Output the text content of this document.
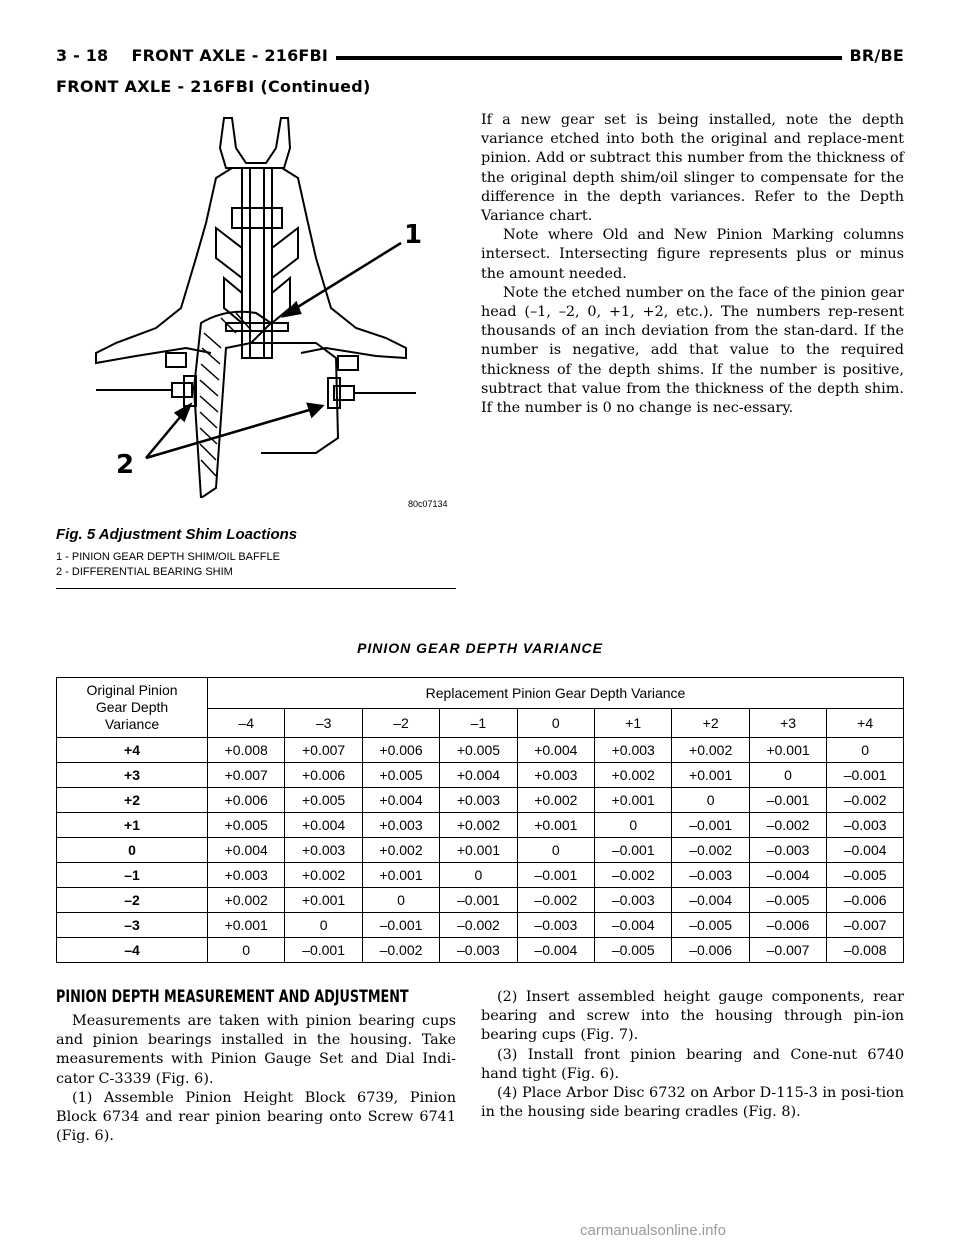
3 - 18    FRONT AXLE - 216FBI	BR/BE
FRONT AXLE - 216FBI (Continued)
1
2
80c07134
Fig. 5 Adjustment Shim Loactions
1 - PINION GEAR DEPTH SHIM/OIL BAFFLE
2 - DIFFERENTIAL BEARING SHIM

If a new gear set is being installed, note the depth variance etched into both the original and replace-ment pinion. Add or subtract this number from the thickness of the original depth shim/oil slinger to compensate for the difference in the depth variances. Refer to the Depth Variance chart.

Note where Old and New Pinion Marking columns intersect. Intersecting figure represents plus or minus the amount needed.

Note the etched number on the face of the pinion gear head (–1, –2, 0, +1, +2, etc.). The numbers rep-resent thousands of an inch deviation from the stan-dard. If the number is negative, add that value to the required thickness of the depth shims. If the number is positive, subtract that value from the thickness of the depth shim. If the number is 0 no change is nec-essary.

PINION GEAR DEPTH VARIANCE
Original Pinion
Gear Depth
Variance	Replacement Pinion Gear Depth Variance								
	–4	–3	–2	–1	0	+1	+2	+3	+4
+4	+0.008	+0.007	+0.006	+0.005	+0.004	+0.003	+0.002	+0.001	0
+3	+0.007	+0.006	+0.005	+0.004	+0.003	+0.002	+0.001	0	–0.001
+2	+0.006	+0.005	+0.004	+0.003	+0.002	+0.001	0	–0.001	–0.002
+1	+0.005	+0.004	+0.003	+0.002	+0.001	0	–0.001	–0.002	–0.003
0	+0.004	+0.003	+0.002	+0.001	0	–0.001	–0.002	–0.003	–0.004
–1	+0.003	+0.002	+0.001	0	–0.001	–0.002	–0.003	–0.004	–0.005
–2	+0.002	+0.001	0	–0.001	–0.002	–0.003	–0.004	–0.005	–0.006
–3	+0.001	0	–0.001	–0.002	–0.003	–0.004	–0.005	–0.006	–0.007
–4	0	–0.001	–0.002	–0.003	–0.004	–0.005	–0.006	–0.007	–0.008
PINION DEPTH MEASUREMENT AND ADJUSTMENT

Measurements are taken with pinion bearing cups and pinion bearings installed in the housing. Take measurements with Pinion Gauge Set and Dial Indi-cator C-3339 (Fig. 6).

(1) Assemble Pinion Height Block 6739, Pinion Block 6734 and rear pinion bearing onto Screw 6741 (Fig. 6).

(2) Insert assembled height gauge components, rear bearing and screw into the housing through pin-ion bearing cups (Fig. 7).

(3) Install front pinion bearing and Cone-nut 6740 hand tight (Fig. 6).

(4) Place Arbor Disc 6732 on Arbor D-115-3 in posi-tion in the housing side bearing cradles (Fig. 8).

carmanualsonline.info
